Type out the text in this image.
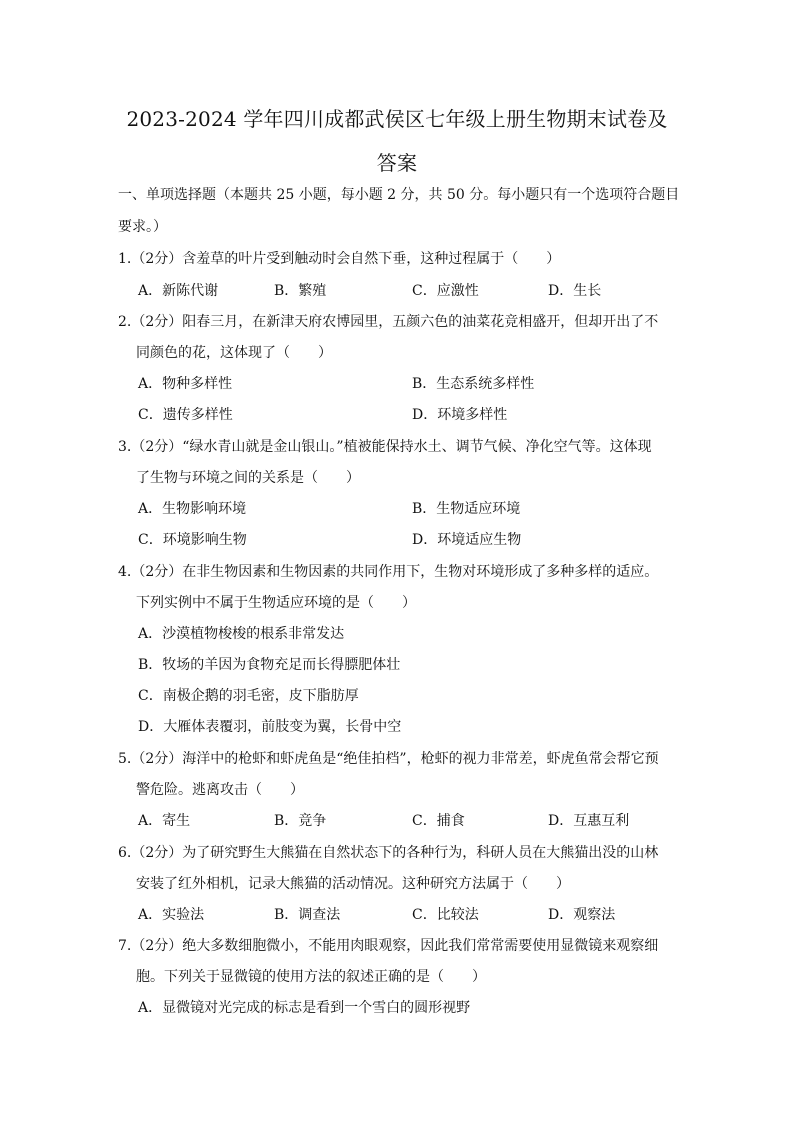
2023-2024 学年四川成都武侯区七年级上册生物期末试卷及
答案
一、单项选择题（本题共 25 小题，每小题 2 分，共 50 分。每小题只有一个选项符合题目
要求。）
1.（2分）含羞草的叶片受到触动时会自然下垂，这种过程属于（　　）
A．新陈代谢	B．繁殖	C．应激性	D．生长
2.（2分）阳春三月，在新津天府农博园里，五颜六色的油菜花竞相盛开，但却开出了不
同颜色的花，这体现了（　　）
A．物种多样性	B．生态系统多样性
C．遗传多样性	D．环境多样性
3.（2分）“绿水青山就是金山银山。”植被能保持水土、调节气候、净化空气等。这体现
了生物与环境之间的关系是（　　）
A．生物影响环境	B．生物适应环境
C．环境影响生物	D．环境适应生物
4.（2分）在非生物因素和生物因素的共同作用下，生物对环境形成了多种多样的适应。
下列实例中不属于生物适应环境的是（　　）
A．沙漠植物梭梭的根系非常发达
B．牧场的羊因为食物充足而长得膘肥体壮
C．南极企鹅的羽毛密，皮下脂肪厚
D．大雁体表覆羽，前肢变为翼，长骨中空
5.（2分）海洋中的枪虾和虾虎鱼是“绝佳拍档”，枪虾的视力非常差，虾虎鱼常会帮它预
警危险。逃离攻击（　　）
A．寄生	B．竞争	C．捕食	D．互惠互利
6.（2分）为了研究野生大熊猫在自然状态下的各种行为，科研人员在大熊猫出没的山林
安装了红外相机，记录大熊猫的活动情况。这种研究方法属于（　　）
A．实验法	B．调查法	C．比较法	D．观察法
7.（2分）绝大多数细胞微小，不能用肉眼观察，因此我们常常需要使用显微镜来观察细
胞。下列关于显微镜的使用方法的叙述正确的是（　　）
A．显微镜对光完成的标志是看到一个雪白的圆形视野
